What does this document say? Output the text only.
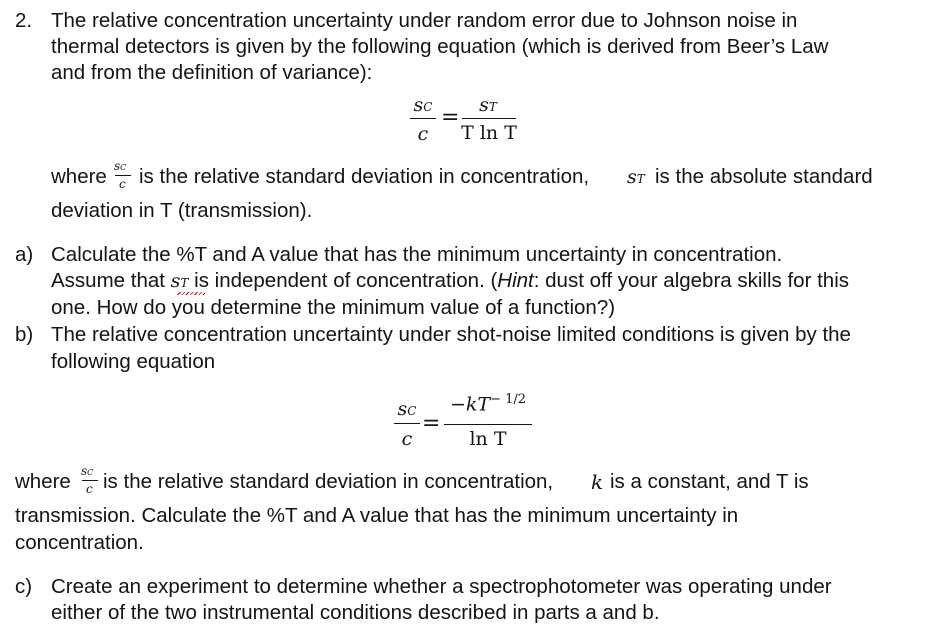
2. The relative concentration uncertainty under random error due to Johnson noise in
thermal detectors is given by the following equation (which is derived from Beer’s Law
and from the definition of variance):
sC
c
=	sT
T ln T
where sC
c is the relative standard deviation in concentration, sT is the absolute standard
deviation in T (transmission).
a) Calculate the %T and A value that has the minimum uncertainty in concentration.
Assume that sT is independent of concentration. (Hint: dust off your algebra skills for this
one. How do you determine the minimum value of a function?)
b) The relative concentration uncertainty under shot-noise limited conditions is given by the
following equation
sC
c
=
$-kT^{- 1/2}$
ln T
where sC
c is the relative standard deviation in concentration, k is a constant, and T is
transmission. Calculate the %T and A value that has the minimum uncertainty in
concentration.
c) Create an experiment to determine whether a spectrophotometer was operating under
either of the two instrumental conditions described in parts a and b.
